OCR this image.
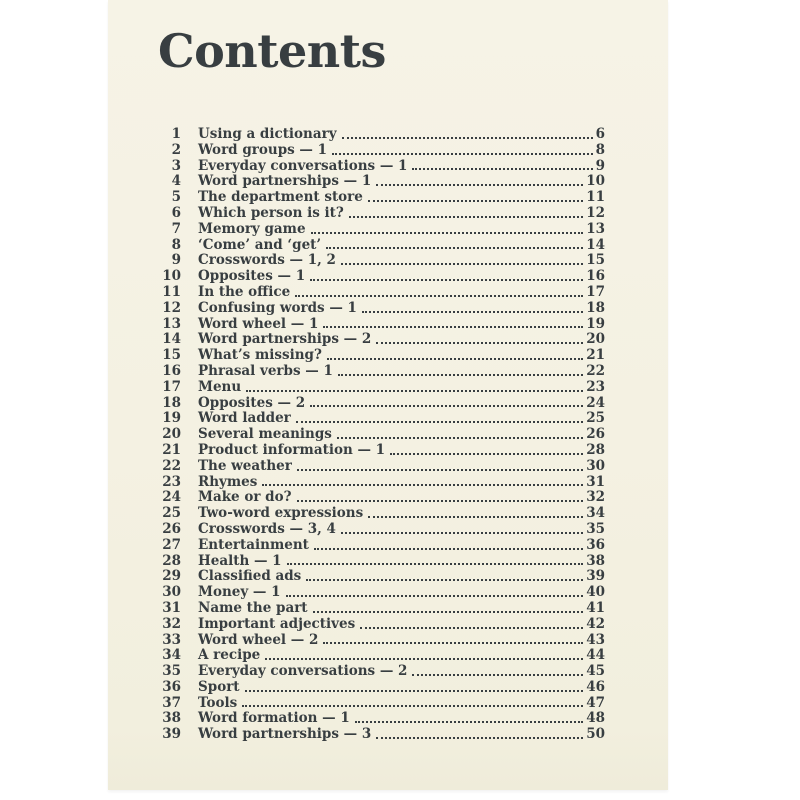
Contents
1 Using a dictionary	6
2 Word groups — 1	8
3 Everyday conversations — 1	9
4 Word partnerships — 1	10
5 The department store	11
6 Which person is it?	12
7 Memory game	13
8 ‘Come’ and ‘get’	14
9 Crosswords — 1, 2	15
10 Opposites — 1	16
11 In the office	17
12 Confusing words — 1	18
13 Word wheel — 1	19
14 Word partnerships — 2	20
15 What’s missing?	21
16 Phrasal verbs — 1	22
17 Menu	23
18 Opposites — 2	24
19 Word ladder	25
20 Several meanings	26
21 Product information — 1	28
22 The weather	30
23 Rhymes	31
24 Make or do?	32
25 Two-word expressions	34
26 Crosswords — 3, 4	35
27 Entertainment	36
28 Health — 1	38
29 Classified ads	39
30 Money — 1	40
31 Name the part	41
32 Important adjectives	42
33 Word wheel — 2	43
34 A recipe	44
35 Everyday conversations — 2	45
36 Sport	46
37 Tools	47
38 Word formation — 1	48
39 Word partnerships — 3	50
